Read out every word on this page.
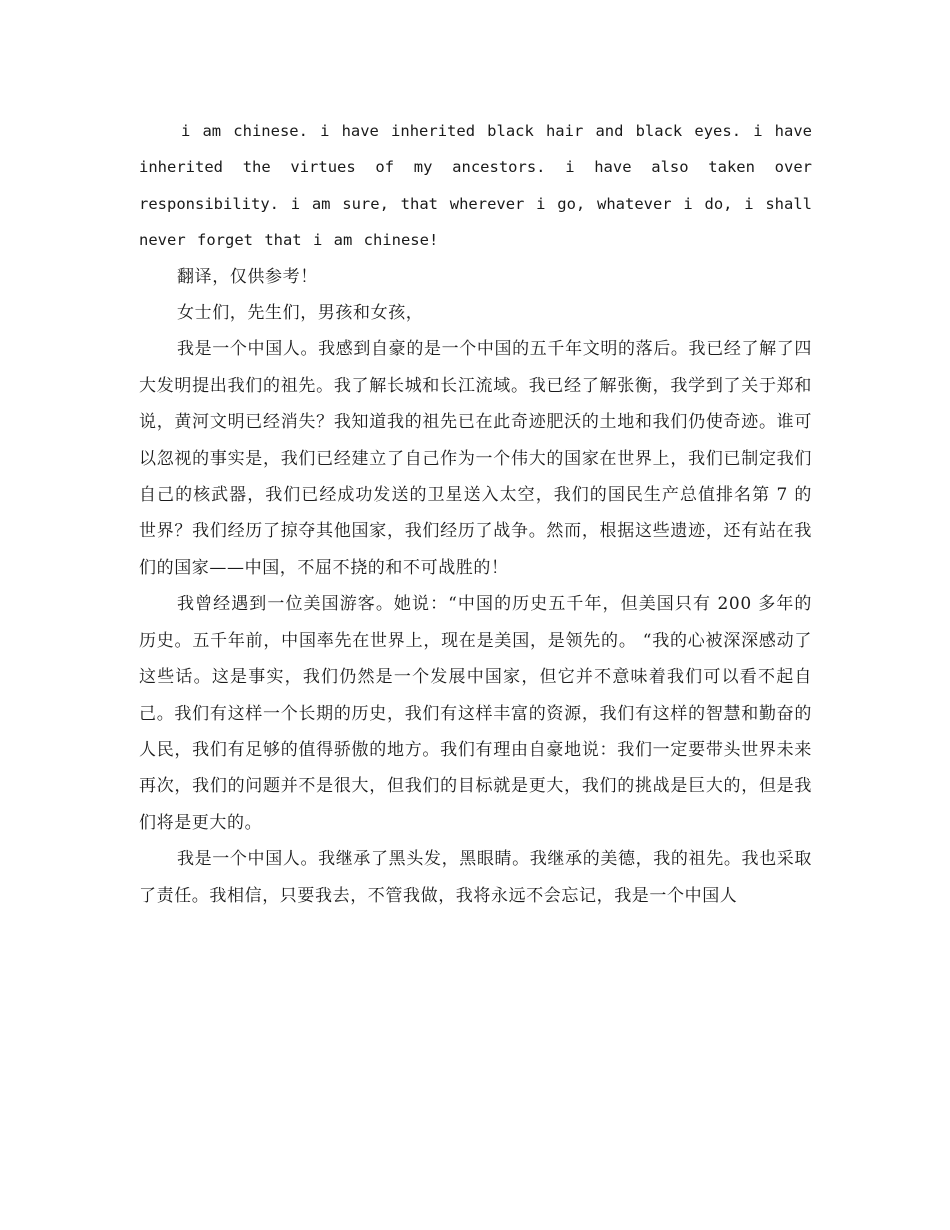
i am chinese. i have inherited black hair and black eyes. i have inherited the virtues of my ancestors. i have also taken over responsibility. i am sure, that wherever i go, whatever i do, i shall never forget that i am chinese!

翻译，仅供参考！

女士们，先生们，男孩和女孩，

我是一个中国人。我感到自豪的是一个中国的五千年文明的落后。我已经了解了四大发明提出我们的祖先。我了解长城和长江流域。我已经了解张衡，我学到了关于郑和说，黄河文明已经消失？我知道我的祖先已在此奇迹肥沃的土地和我们仍使奇迹。谁可以忽视的事实是，我们已经建立了自己作为一个伟大的国家在世界上，我们已制定我们自己的核武器，我们已经成功发送的卫星送入太空，我们的国民生产总值排名第 7 的世界？我们经历了掠夺其他国家，我们经历了战争。然而，根据这些遗迹，还有站在我们的国家——中国，不屈不挠的和不可战胜的！

我曾经遇到一位美国游客。她说：“中国的历史五千年，但美国只有 200 多年的历史。五千年前，中国率先在世界上，现在是美国，是领先的。 “我的心被深深感动了这些话。这是事实，我们仍然是一个发展中国家，但它并不意味着我们可以看不起自己。我们有这样一个长期的历史，我们有这样丰富的资源，我们有这样的智慧和勤奋的人民，我们有足够的值得骄傲的地方。我们有理由自豪地说：我们一定要带头世界未来再次，我们的问题并不是很大，但我们的目标就是更大，我们的挑战是巨大的，但是我们将是更大的。

我是一个中国人。我继承了黑头发，黑眼睛。我继承的美德，我的祖先。我也采取了责任。我相信，只要我去，不管我做，我将永远不会忘记，我是一个中国人
